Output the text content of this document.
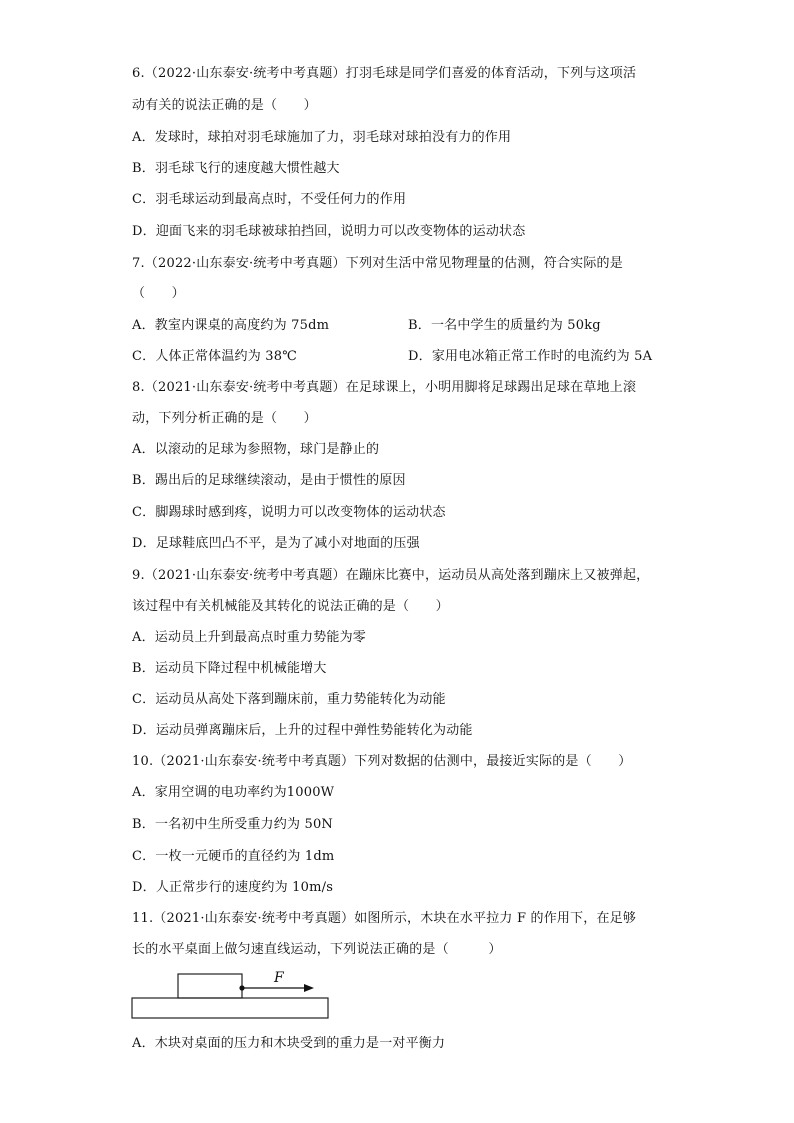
6.（2022·山东泰安·统考中考真题）打羽毛球是同学们喜爱的体育活动，下列与这项活
动有关的说法正确的是（　　）
A．发球时，球拍对羽毛球施加了力，羽毛球对球拍没有力的作用
B．羽毛球飞行的速度越大惯性越大
C．羽毛球运动到最高点时，不受任何力的作用
D．迎面飞来的羽毛球被球拍挡回，说明力可以改变物体的运动状态
7.（2022·山东泰安·统考中考真题）下列对生活中常见物理量的估测，符合实际的是
（　　）
A．教室内课桌的高度约为 75dm	B．一名中学生的质量约为 50kg
C．人体正常体温约为 38℃	D．家用电冰箱正常工作时的电流约为 5A
8.（2021·山东泰安·统考中考真题）在足球课上，小明用脚将足球踢出足球在草地上滚
动，下列分析正确的是（　　）
A．以滚动的足球为参照物，球门是静止的
B．踢出后的足球继续滚动，是由于惯性的原因
C．脚踢球时感到疼，说明力可以改变物体的运动状态
D．足球鞋底凹凸不平，是为了减小对地面的压强
9.（2021·山东泰安·统考中考真题）在蹦床比赛中，运动员从高处落到蹦床上又被弹起，
该过程中有关机械能及其转化的说法正确的是（　　）
A．运动员上升到最高点时重力势能为零
B．运动员下降过程中机械能增大
C．运动员从高处下落到蹦床前，重力势能转化为动能
D．运动员弹离蹦床后，上升的过程中弹性势能转化为动能
10.（2021·山东泰安·统考中考真题）下列对数据的估测中，最接近实际的是（　　）
A．家用空调的电功率约为1000W
B．一名初中生所受重力约为 50N
C．一枚一元硬币的直径约为 1dm
D．人正常步行的速度约为 10m/s
11.（2021·山东泰安·统考中考真题）如图所示，木块在水平拉力 F 的作用下，在足够
长的水平桌面上做匀速直线运动，下列说法正确的是（　　　）
F
A．木块对桌面的压力和木块受到的重力是一对平衡力
